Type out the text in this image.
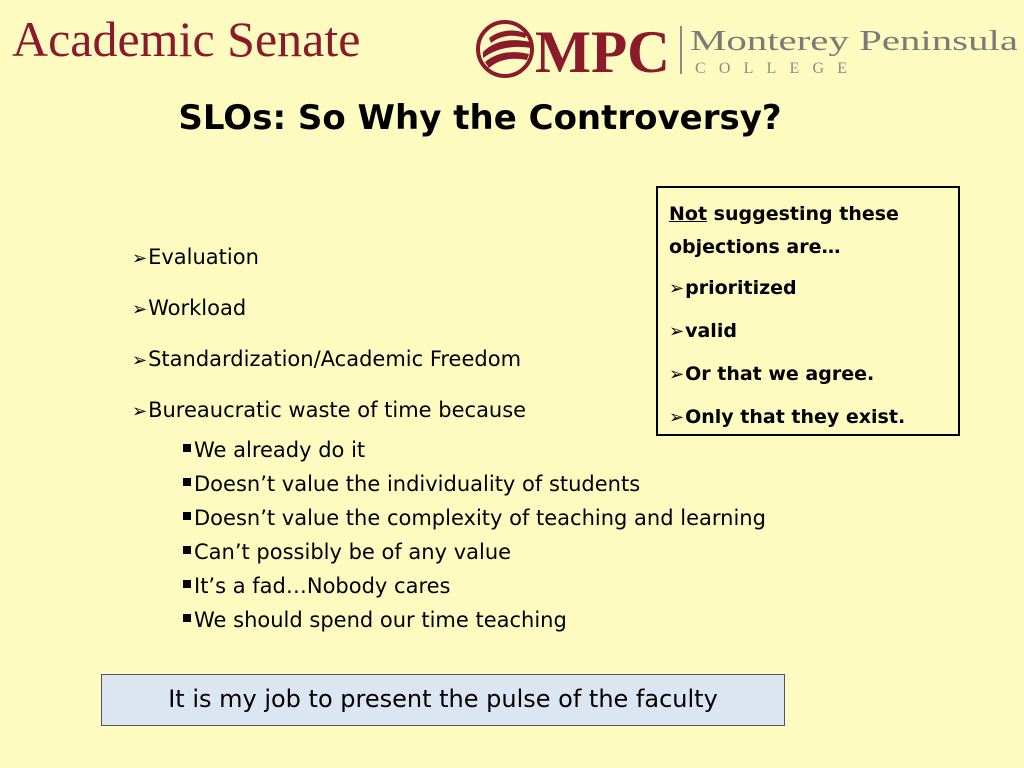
Academic Senate	MPC Monterey Peninsula
COLLEGE
SLOs: So Why the Controversy?
➢Evaluation
➢Workload
➢Standardization/Academic Freedom
➢Bureaucratic waste of time because
We already do it
Doesn’t value the individuality of students
Doesn’t value the complexity of teaching and learning
Can’t possibly be of any value
It’s a fad…Nobody cares
We should spend our time teaching
Not suggesting these objections are…
➢prioritized
➢valid
➢Or that we agree.
➢Only that they exist.
It is my job to present the pulse of the faculty
